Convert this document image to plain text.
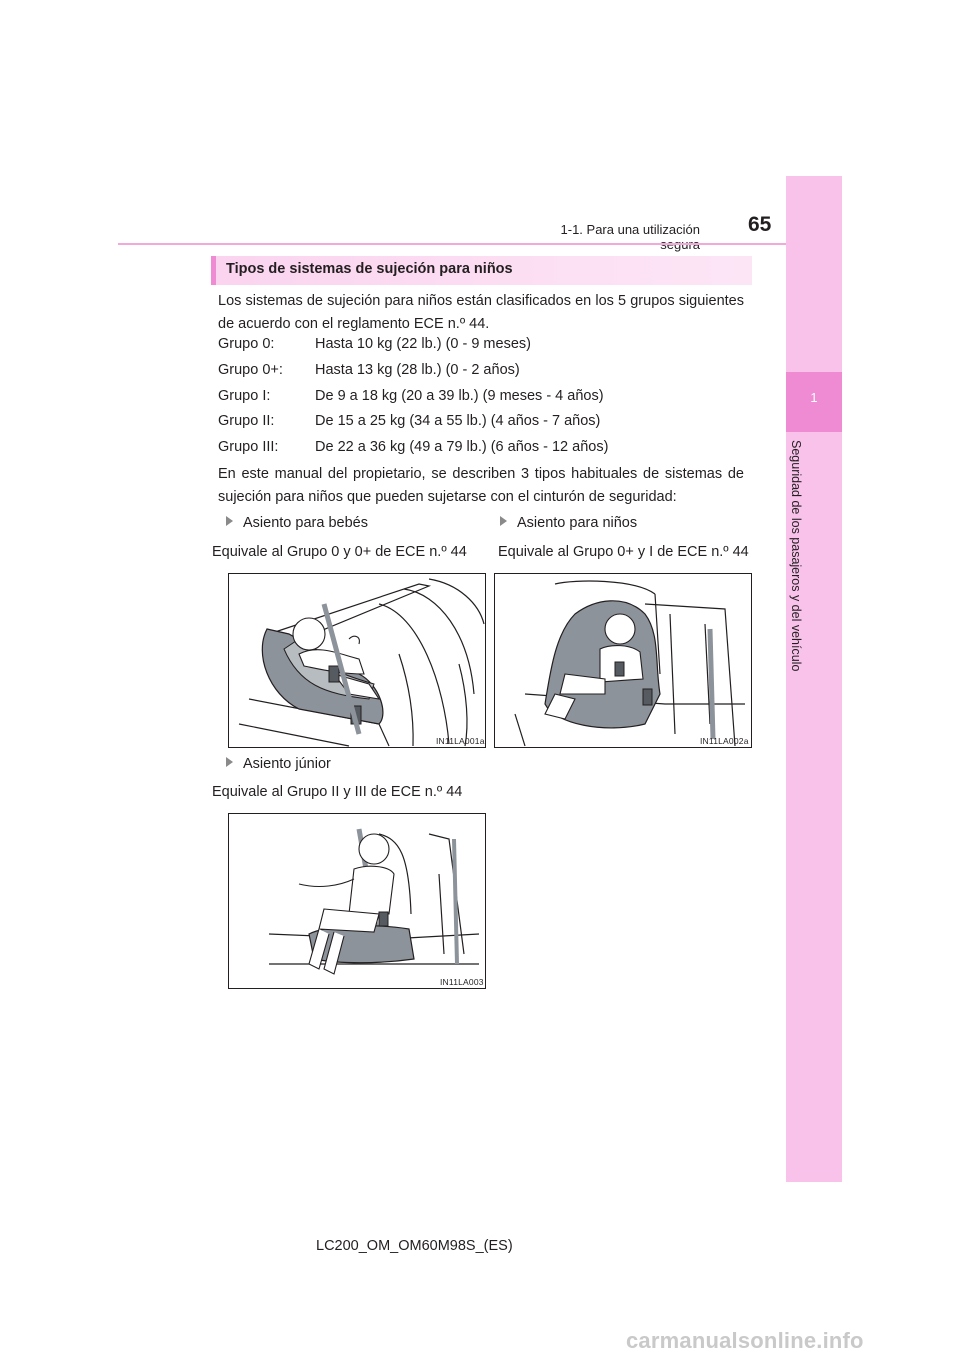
1-1. Para una utilización 65
1
Seguridad de los pasajeros y del vehículo
Tipos de sistemas de sujeción para niños
Los sistemas de sujeción para niños están clasificados en los 5 grupos siguientes de acuerdo con el reglamento ECE n.º 44.
Grupo 0:	Hasta 10 kg (22 lb.) (0 - 9 meses)
Grupo 0+: Hasta 13 kg (28 lb.) (0 - 2 años)
Grupo I:	De 9 a 18 kg (20 a 39 lb.) (9 meses - 4 años)
Grupo II:	De 15 a 25 kg (34 a 55 lb.) (4 años - 7 años)
Grupo III:	De 22 a 36 kg (49 a 79 lb.) (6 años - 12 años)
En este manual del propietario, se describen 3 tipos habituales de sistemas de sujeción para niños que pueden sujetarse con el cinturón de seguridad:
Asiento para bebés
Equivale al Grupo 0 y 0+ de ECE n.º 44
IN11LA001a
Asiento para niños
Equivale al Grupo 0+ y I de ECE n.º 44
IN11LA002a
Asiento júnior
Equivale al Grupo II y III de ECE n.º 44
IN11LA003
LC200_OM_OM60M98S_(ES)
carmanualsonline.info
